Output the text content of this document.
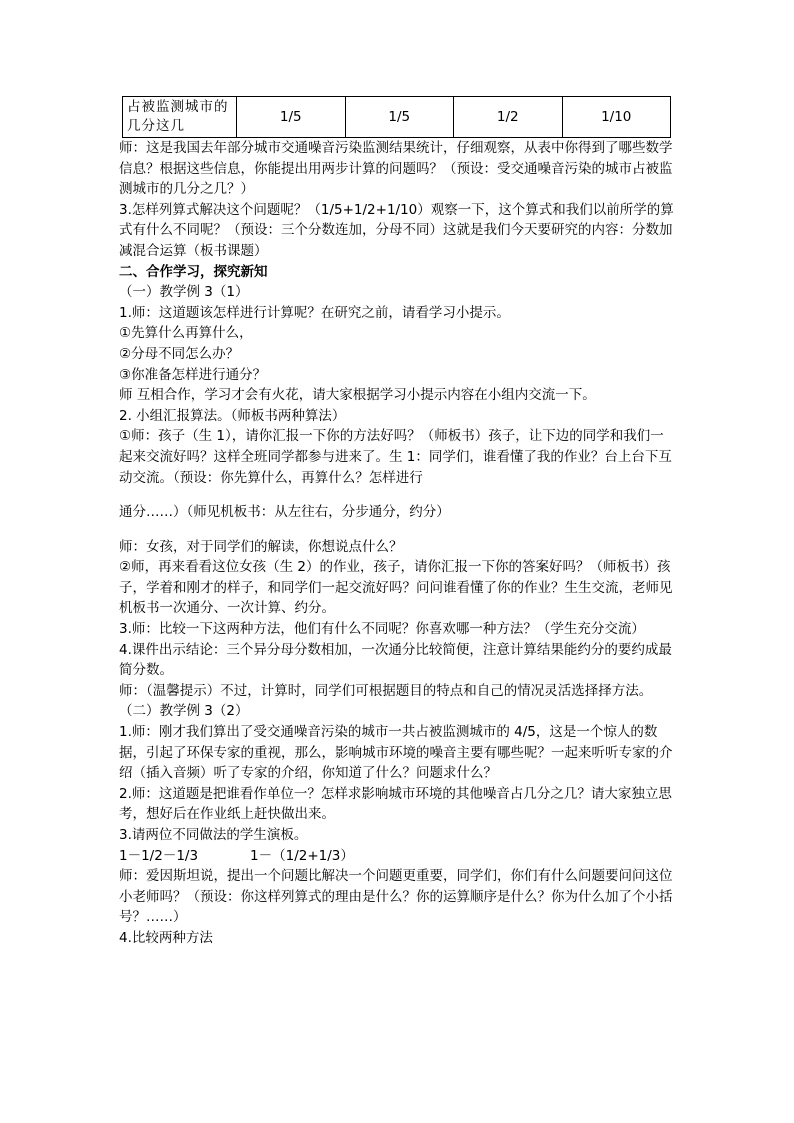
占被监测城市的几分这几	1/5	1/5	1/2	1/10

师：这是我国去年部分城市交通噪音污染监测结果统计，仔细观察，从表中你得到了哪些数学信息？根据这些信息，你能提出用两步计算的问题吗？（预设：受交通噪音污染的城市占被监测城市的几分之几？）

3.怎样列算式解决这个问题呢？（1/5+1/2+1/10）观察一下，这个算式和我们以前所学的算式有什么不同呢？（预设：三个分数连加，分母不同）这就是我们今天要研究的内容：分数加减混合运算（板书课题）

二、合作学习，探究新知

（一）教学例 3（1）

1.师：这道题该怎样进行计算呢？在研究之前，请看学习小提示。

①先算什么再算什么，

②分母不同怎么办？

③你准备怎样进行通分？

师 互相合作，学习才会有火花，请大家根据学习小提示内容在小组内交流一下。

2. 小组汇报算法。（师板书两种算法）

①师：孩子（生 1），请你汇报一下你的方法好吗？（师板书）孩子，让下边的同学和我们一起来交流好吗？这样全班同学都参与进来了。生 1：同学们，谁看懂了我的作业？台上台下互动交流。（预设：你先算什么，再算什么？怎样进行

通分……）（师见机板书：从左往右，分步通分，约分）

师：女孩，对于同学们的解读，你想说点什么？

②师，再来看看这位女孩（生 2）的作业，孩子，请你汇报一下你的答案好吗？（师板书）孩子，学着和刚才的样子，和同学们一起交流好吗？问问谁看懂了你的作业？生生交流，老师见机板书一次通分、一次计算、约分。

3.师：比较一下这两种方法，他们有什么不同呢？你喜欢哪一种方法？（学生充分交流）

4.课件出示结论：三个异分母分数相加，一次通分比较简便，注意计算结果能约分的要约成最简分数。

师：（温馨提示）不过，计算时，同学们可根据题目的特点和自己的情况灵活选择择方法。

（二）教学例 3（2）

1.师：刚才我们算出了受交通噪音污染的城市一共占被监测城市的 4/5，这是一个惊人的数据，引起了环保专家的重视，那么，影响城市环境的噪音主要有哪些呢？一起来听听专家的介绍（插入音频）听了专家的介绍，你知道了什么？问题求什么？

2.师：这道题是把谁看作单位一？怎样求影响城市环境的其他噪音占几分之几？请大家独立思考，想好后在作业纸上赶快做出来。

3.请两位不同做法的学生演板。

1－1/2－1/3	1－（1/2+1/3）

师：爱因斯坦说，提出一个问题比解决一个问题更重要，同学们，你们有什么问题要问问这位小老师吗？（预设：你这样列算式的理由是什么？你的运算顺序是什么？你为什么加了个小括号？……）

4.比较两种方法
